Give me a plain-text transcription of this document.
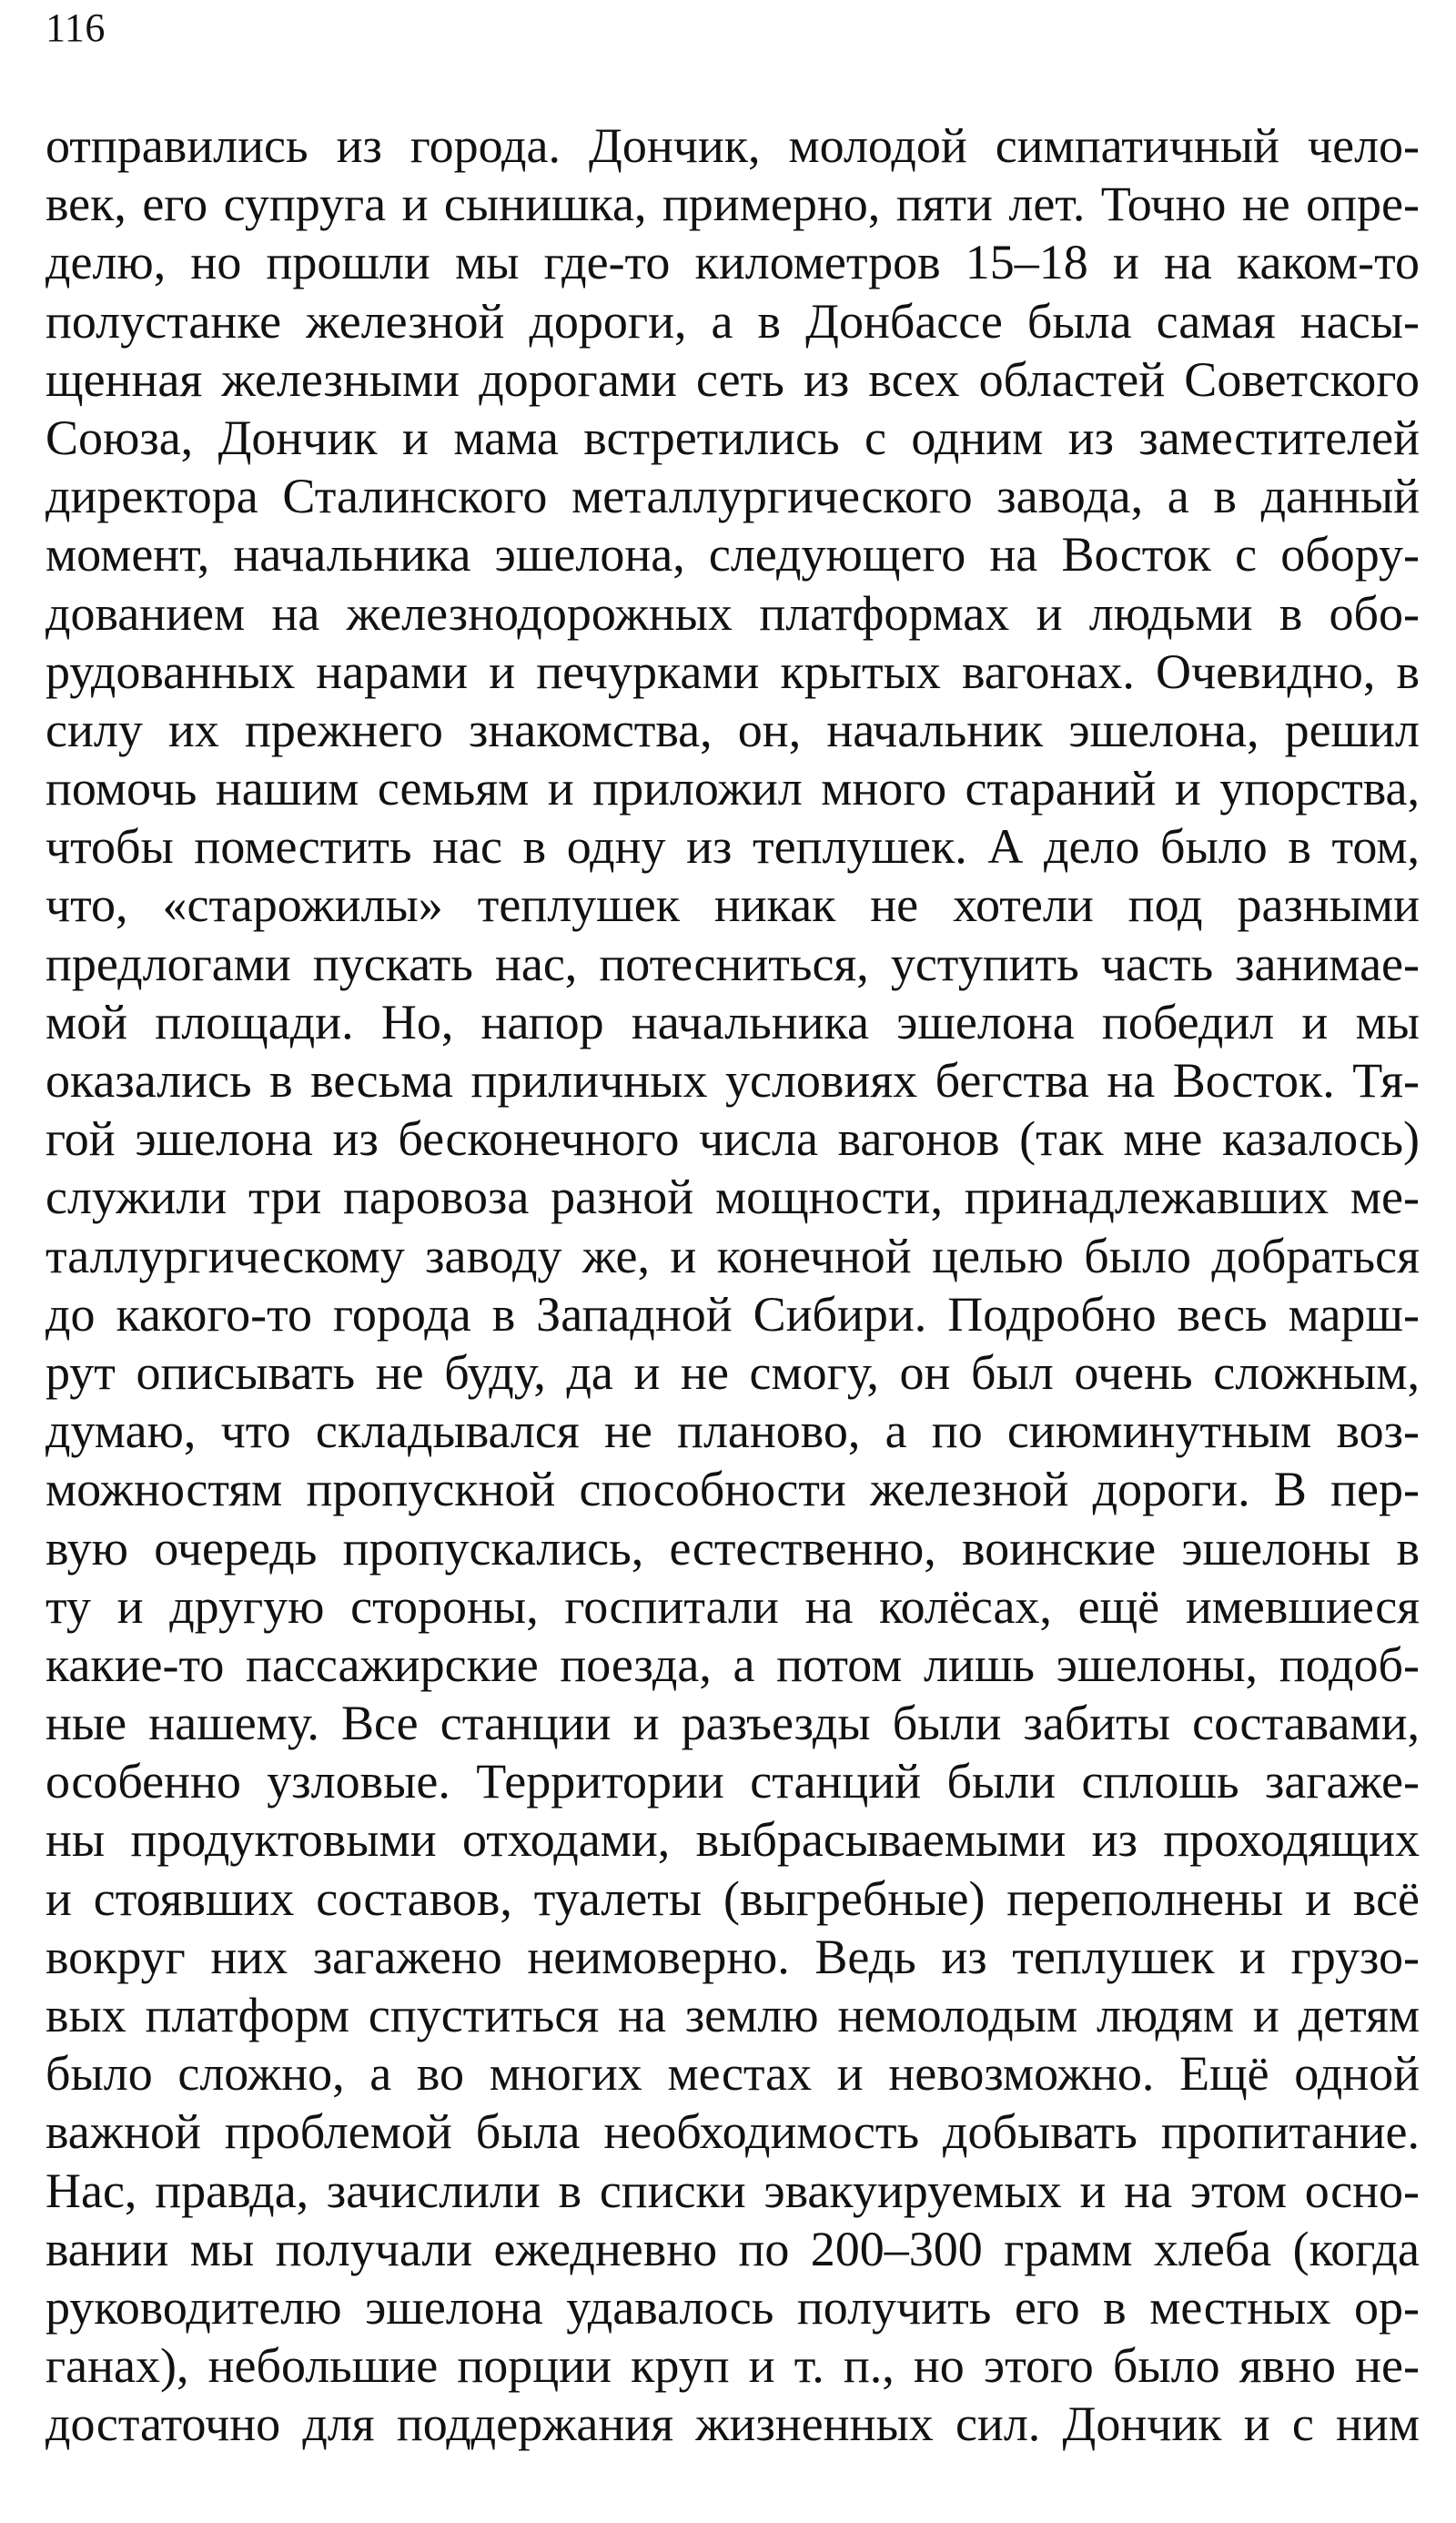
116
отправились из города. Дончик, молодой симпатичный чело-
век, его супруга и сынишка, примерно, пяти лет. Точно не опре-
делю, но прошли мы где-то километров 15–18 и на каком-то
полустанке железной дороги, а в Донбассе была самая насы-
щенная железными дорогами сеть из всех областей Советского
Союза, Дончик и мама встретились с одним из заместителей
директора Сталинского металлургического завода, а в данный
момент, начальника эшелона, следующего на Восток с обору-
дованием на железнодорожных платформах и людьми в обо-
рудованных нарами и печурками крытых вагонах. Очевидно, в
силу их прежнего знакомства, он, начальник эшелона, решил
помочь нашим семьям и приложил много стараний и упорства,
чтобы поместить нас в одну из теплушек. А дело было в том,
что, «старожилы» теплушек никак не хотели под разными
предлогами пускать нас, потесниться, уступить часть занимае-
мой площади. Но, напор начальника эшелона победил и мы
оказались в весьма приличных условиях бегства на Восток. Тя-
гой эшелона из бесконечного числа вагонов (так мне казалось)
служили три паровоза разной мощности, принадлежавших ме-
таллургическому заводу же, и конечной целью было добраться
до какого-то города в Западной Сибири. Подробно весь марш-
рут описывать не буду, да и не смогу, он был очень сложным,
думаю, что складывался не планово, а по сиюминутным воз-
можностям пропускной способности железной дороги. В пер-
вую очередь пропускались, естественно, воинские эшелоны в
ту и другую стороны, госпитали на колёсах, ещё имевшиеся
какие-то пассажирские поезда, а потом лишь эшелоны, подоб-
ные нашему. Все станции и разъезды были забиты составами,
особенно узловые. Территории станций были сплошь загаже-
ны продуктовыми отходами, выбрасываемыми из проходящих
и стоявших составов, туалеты (выгребные) переполнены и всё
вокруг них загажено неимоверно. Ведь из теплушек и грузо-
вых платформ спуститься на землю немолодым людям и детям
было сложно, а во многих местах и невозможно. Ещё одной
важной проблемой была необходимость добывать пропитание.
Нас, правда, зачислили в списки эвакуируемых и на этом осно-
вании мы получали ежедневно по 200–300 грамм хлеба (когда
руководителю эшелона удавалось получить его в местных ор-
ганах), небольшие порции круп и т. п., но этого было явно не-
достаточно для поддержания жизненных сил. Дончик и с ним
